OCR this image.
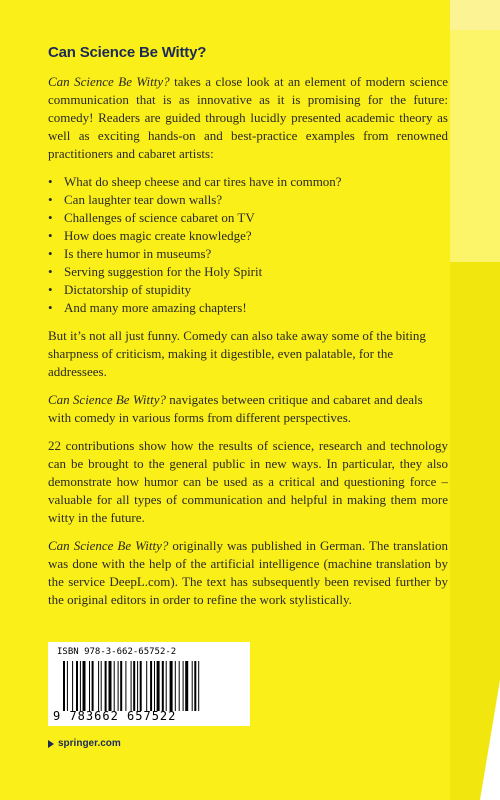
Can Science Be Witty?

Can Science Be Witty? takes a close look at an element of modern science communication that is as innovative as it is promising for the future: comedy! Readers are guided through lucidly presented academic theory as well as exciting hands-on and best-practice examples from renowned practitioners and cabaret artists:

• What do sheep cheese and car tires have in common?
• Can laughter tear down walls?
• Challenges of science cabaret on TV
• How does magic create knowledge?
• Is there humor in museums?
• Serving suggestion for the Holy Spirit
• Dictatorship of stupidity
• And many more amazing chapters!

But it’s not all just funny. Comedy can also take away some of the biting sharpness of criticism, making it digestible, even palatable, for the addressees.

Can Science Be Witty? navigates between critique and cabaret and deals with comedy in various forms from different perspectives.

22 contributions show how the results of science, research and technology can be brought to the general public in new ways. In particular, they also demonstrate how humor can be used as a critical and questioning force – valuable for all types of communication and helpful in making them more witty in the future.

Can Science Be Witty? originally was published in German. The translation was done with the help of the artificial intelligence (machine translation by the service DeepL.com). The text has subsequently been revised further by the original editors in order to refine the work stylistically.

ISBN 978-3-662-65752-2
9 783662 657522
springer.com
